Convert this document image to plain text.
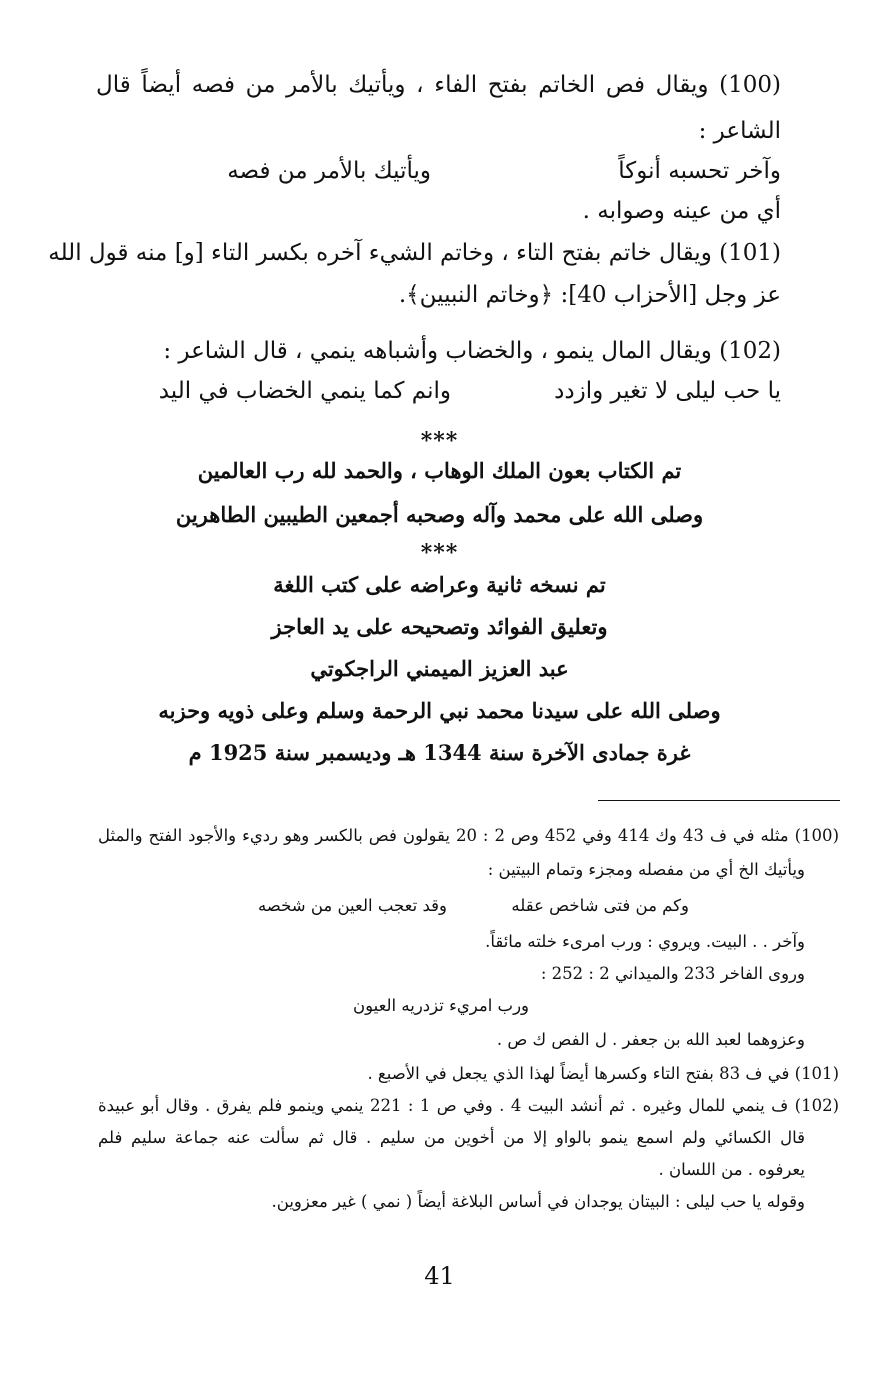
(100) ويقال فص الخاتم بفتح الفاء ، ويأتيك بالأمر من فصه أيضاً قال
الشاعر :
وآخر تحسبه أنوكاً
ويأتيك بالأمر من فصه
أي من عينه وصوابه .
(101) ويقال خاتم بفتح التاء ، وخاتم الشيء آخره بكسر التاء [و] منه قول الله
عز وجل [الأحزاب 40]: ﴿وخاتم النبيين﴾.
(102) ويقال المال ينمو ، والخضاب وأشباهه ينمي ، قال الشاعر :
يا حب ليلى لا تغير وازدد
وانم كما ينمي الخضاب في اليد
***
تم الكتاب بعون الملك الوهاب ، والحمد لله رب العالمين
وصلى الله على محمد وآله وصحبه أجمعين الطيبين الطاهرين
***
تم نسخه ثانية وعراضه على كتب اللغة
وتعليق الفوائد وتصحيحه على يد العاجز
عبد العزيز الميمني الراجكوتي
وصلى الله على سيدنا محمد نبي الرحمة وسلم وعلى ذويه وحزبه
غرة جمادى الآخرة سنة 1344 هـ وديسمبر سنة 1925 م
(100) مثله في ف 43 وك 414 وفي 452 وص 2 : 20 يقولون فص بالكسر وهو رديء والأجود الفتح والمثل
ويأتيك الخ أي من مفصله ومجزء وتمام البيتين :
وكم من فتى شاخص عقله
وقد تعجب العين من شخصه
وآخر . . البيت. ويروي : ورب امرىء خلته مائقاً.
وروى الفاخر 233 والميداني 2 : 252 :
ورب امريء تزدريه العيون
وعزوهما لعبد الله بن جعفر . ل الفص ك ص .
(101) في ف 83 بفتح التاء وكسرها أيضاً لهذا الذي يجعل في الأصبع .
(102) ف ينمي للمال وغيره . ثم أنشد البيت 4 . وفي ص 1 : 221 ينمي وينمو فلم يفرق . وقال أبو عبيدة
قال الكسائي ولم اسمع ينمو بالواو إلا من أخوين من سليم . قال ثم سألت عنه جماعة سليم فلم
يعرفوه . من اللسان .
وقوله يا حب ليلى : البيتان يوجدان في أساس البلاغة أيضاً ( نمي ) غير معزوين.
41
